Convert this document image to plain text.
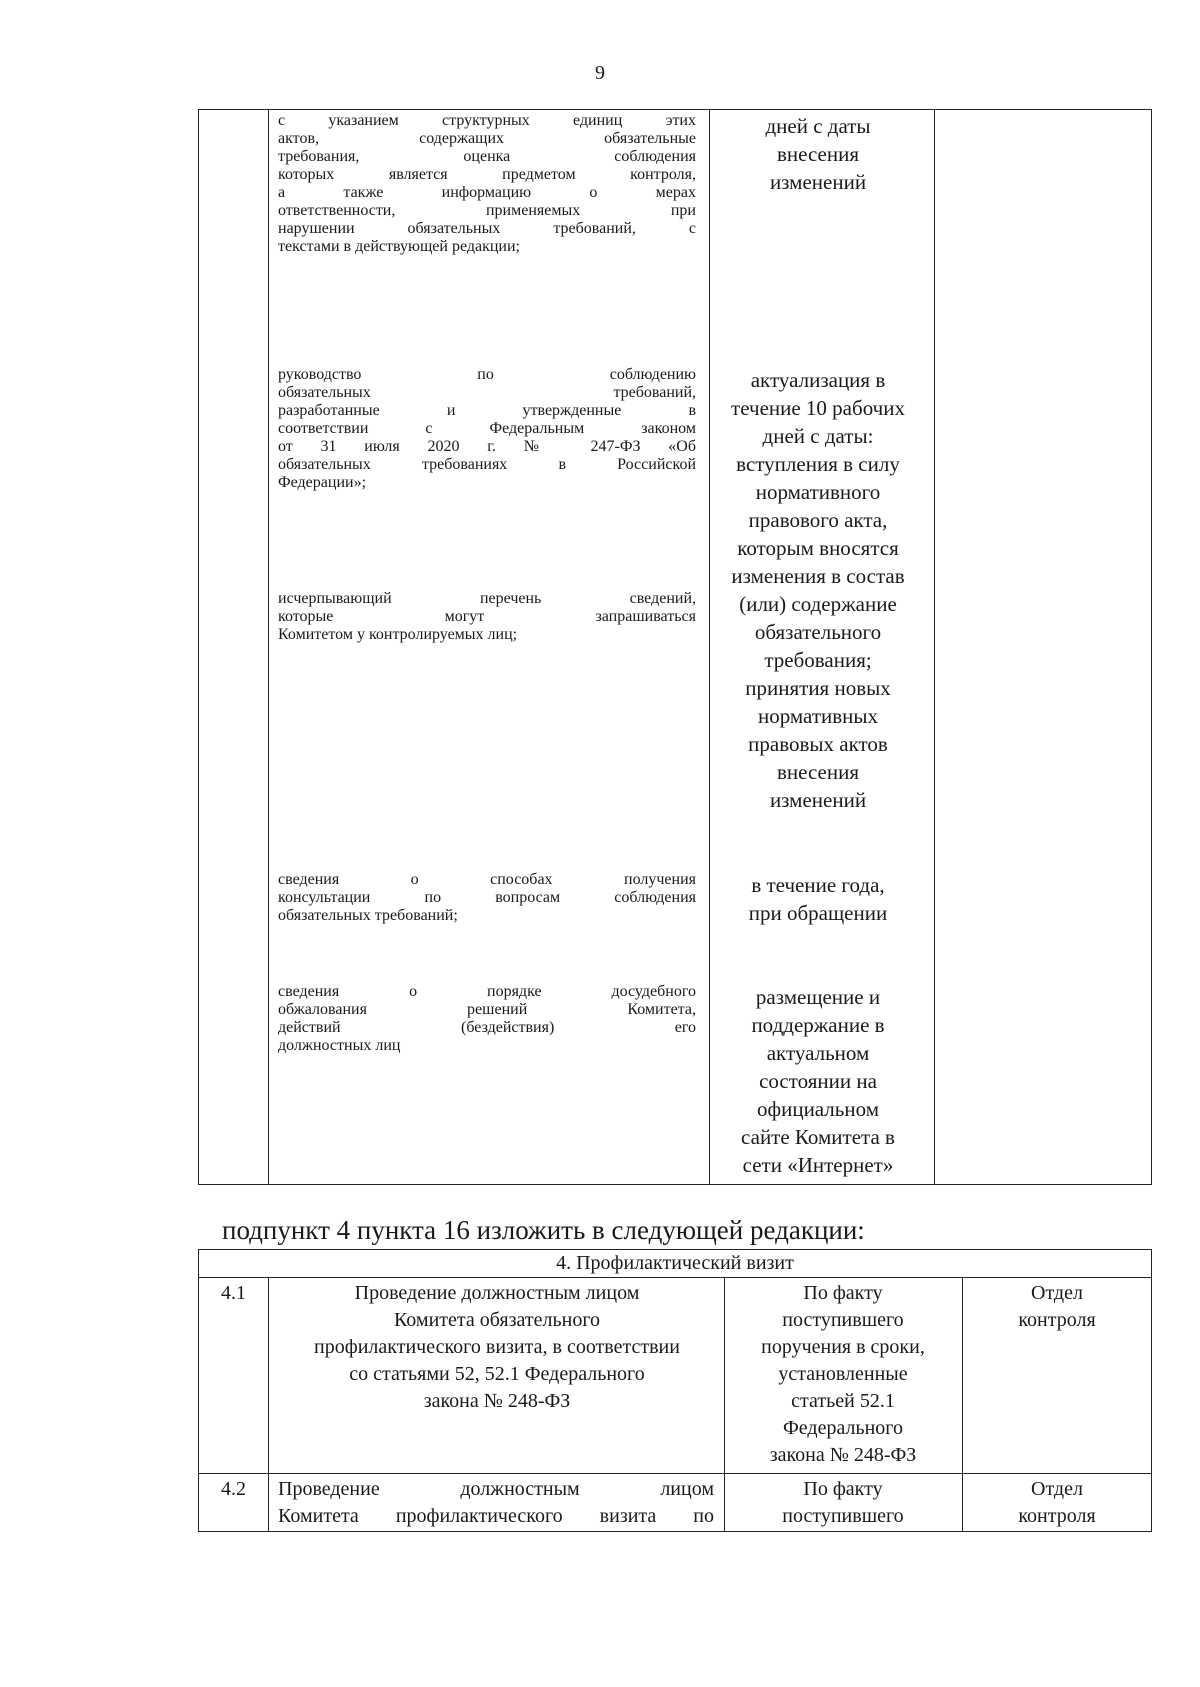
9
с указанием структурных единиц этих
актов, содержащих обязательные
требования, оценка соблюдения
которых является предметом контроля,
а также информацию о мерах
ответственности, применяемых при
нарушении обязательных требований, с
текстами в действующей редакции;
дней с даты
внесения
изменений
руководство по соблюдению
обязательных требований,
разработанные и утвержденные в
соответствии с Федеральным законом
от 31 июля 2020 г. № 247-ФЗ «Об
обязательных требованиях в Российской
Федерации»;
актуализация в
течение 10 рабочих
дней с даты:
вступления в силу
нормативного
правового акта,
которым вносятся
изменения в состав
(или) содержание
обязательного
требования;
принятия новых
нормативных
правовых актов
внесения
изменений
исчерпывающий перечень сведений,
которые могут запрашиваться
Комитетом у контролируемых лиц;
сведения о способах получения
консультации по вопросам соблюдения
обязательных требований;
в течение года,
при обращении
сведения о порядке досудебного
обжалования решений Комитета,
действий (бездействия) его
должностных лиц
размещение и
поддержание в
актуальном
состоянии на
официальном
сайте Комитета в
сети «Интернет»
подпункт 4 пункта 16 изложить в следующей редакции:
4. Профилактический визит
4.1	Проведение должностным лицом
Комитета обязательного
профилактического визита, в соответствии
со статьями 52, 52.1 Федерального
закона № 248-ФЗ
По факту
поступившего
поручения в сроки,
установленные
статьей 52.1
Федерального
закона № 248-ФЗ
Отдел
контроля
4.2	Проведение должностным лицом
Комитета профилактического визита по
По факту
поступившего
Отдел
контроля
